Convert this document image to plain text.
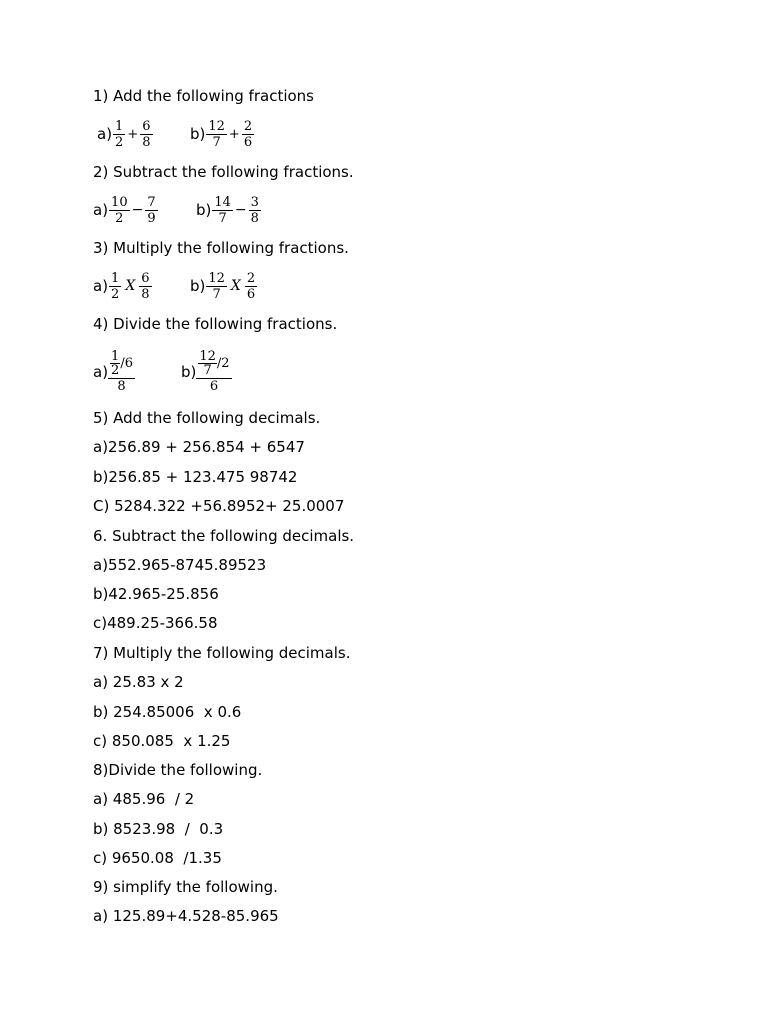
1) Add the following fractions
$a) \frac{1}{2} + \frac{6}{8} b) \frac{12}{7} + \frac{2}{6}$
2) Subtract the following fractions.
$a) \frac{10}{2} - \frac{7}{9}$	$b) \frac{14}{7} - \frac{3}{8}$
3) Multiply the following fractions.
$a) \frac{1}{2}$ X $\frac{6}{8}$	$b) \frac{12}{7}$ X $\frac{2}{6}$
4) Divide the following fractions.
$a) \frac{1}{2} /6$
8
$b) \frac{12}{7} /2$
6
5) Add the following decimals.
a)256.89 + 256.854 + 6547
b)256.85 + 123.475 98742
C) 5284.322 +56.8952+ 25.0007
6. Subtract the following decimals.
a)552.965-8745.89523
b)42.965-25.856
c)489.25-366.58
7) Multiply the following decimals.
a) 25.83 x 2
b) 254.85006  x 0.6
c) 850.085  x 1.25
8)Divide the following.
a) 485.96  / 2
b) 8523.98  /  0.3
c) 9650.08  /1.35
9) simplify the following.
a) 125.89+4.528-85.965
